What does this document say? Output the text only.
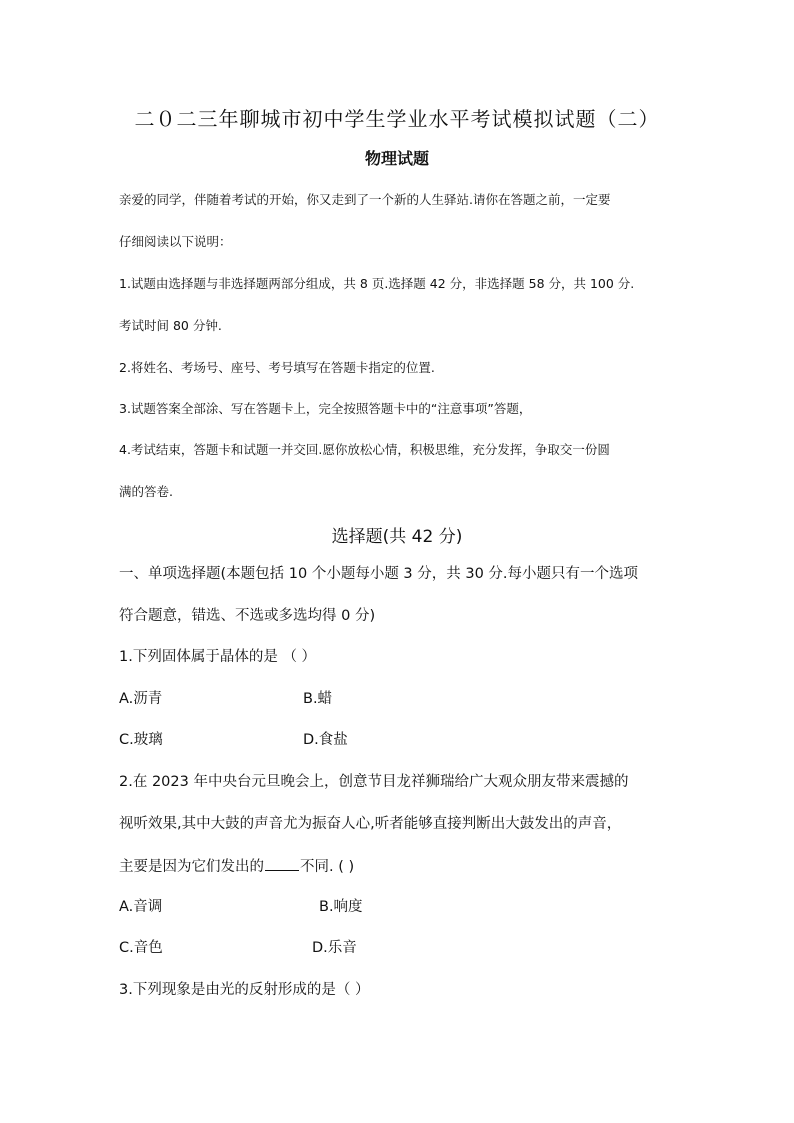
二０二三年聊城市初中学生学业水平考试模拟试题（二）
物理试题
亲爱的同学，伴随着考试的开始，你又走到了一个新的人生驿站.请你在答题之前，一定要
仔细阅读以下说明：
1.试题由选择题与非选择题两部分组成，共 8 页.选择题 42 分，非选择题 58 分，共 100 分.
考试时间 80 分钟.
2.将姓名、考场号、座号、考号填写在答题卡指定的位置.
3.试题答案全部涂、写在答题卡上，完全按照答题卡中的“注意事项”答题，
4.考试结束，答题卡和试题一并交回.愿你放松心情，积极思维，充分发挥，争取交一份圆
满的答卷.
选择题(共 42 分)
一、单项选择题(本题包括 10 个小题每小题 3 分，共 30 分.每小题只有一个选项
符合题意，错选、不选或多选均得 0 分)
1.下列固体属于晶体的是 （ ）
A.沥青	B.蜡
C.玻璃	D.食盐
2.在 2023 年中央台元旦晚会上，创意节目龙祥狮瑞给广大观众朋友带来震撼的
视听效果,其中大鼓的声音尤为振奋人心,听者能够直接判断出大鼓发出的声音，
主要是因为它们发出的 不同. ( )
A.音调	B.响度
C.音色	D.乐音
3.下列现象是由光的反射形成的是（ ）
